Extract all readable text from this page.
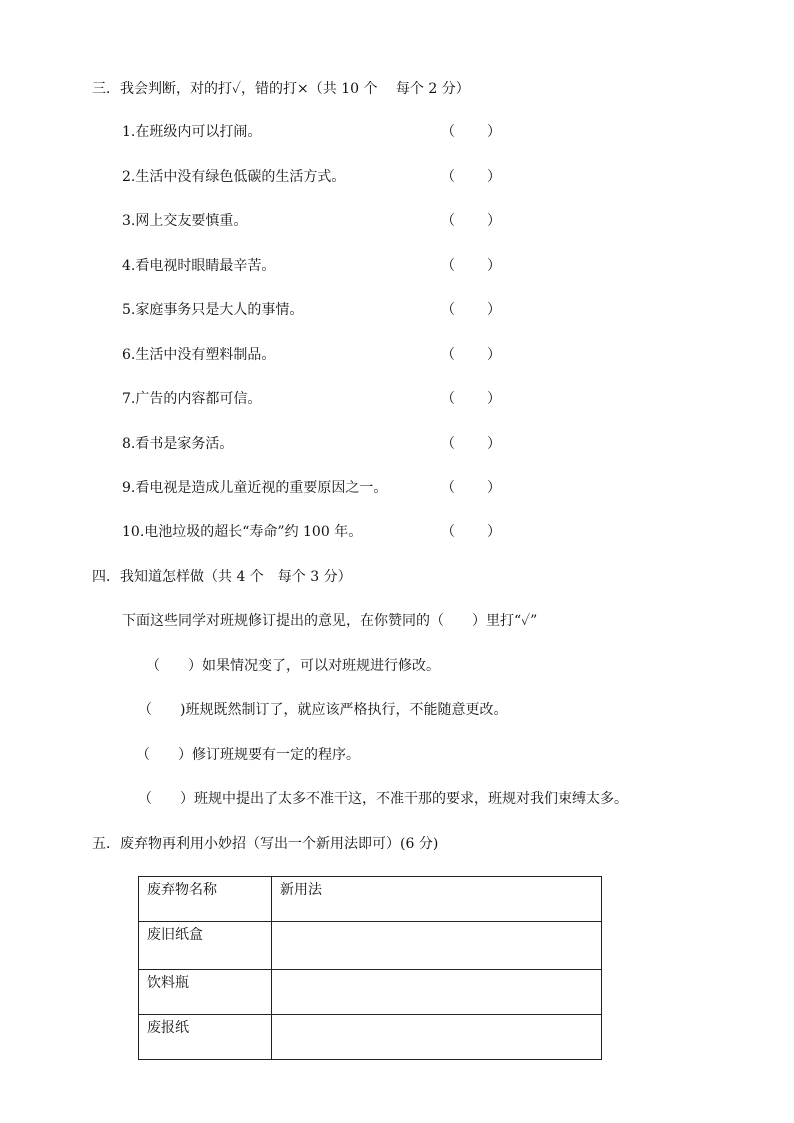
三．我会判断，对的打✓，错的打×（共 10 个　 每个 2 分）
1.在班级内可以打闹。	（ ）
2.生活中没有绿色低碳的生活方式。	（ ）
3.网上交友要慎重。	（ ）
4.看电视时眼睛最辛苦。	（ ）
5.家庭事务只是大人的事情。	（ ）
6.生活中没有塑料制品。	（ ）
7.广告的内容都可信。	（ ）
8.看书是家务活。	（ ）
9.看电视是造成儿童近视的重要原因之一。	（ ）
10.电池垃圾的超长“寿命”约 100 年。	（ ）
四．我知道怎样做（共 4 个　每个 3 分）
下面这些同学对班规修订提出的意见，在你赞同的（　　）里打“✓”
（　　）如果情况变了，可以对班规进行修改。
（　　)班规既然制订了，就应该严格执行，不能随意更改。
（　　）修订班规要有一定的程序。
（　　）班规中提出了太多不准干这，不准干那的要求，班规对我们束缚太多。
五．废弃物再利用小妙招（写出一个新用法即可）(6 分)
废弃物名称	新用法
废旧纸盒	
饮料瓶	
废报纸	
